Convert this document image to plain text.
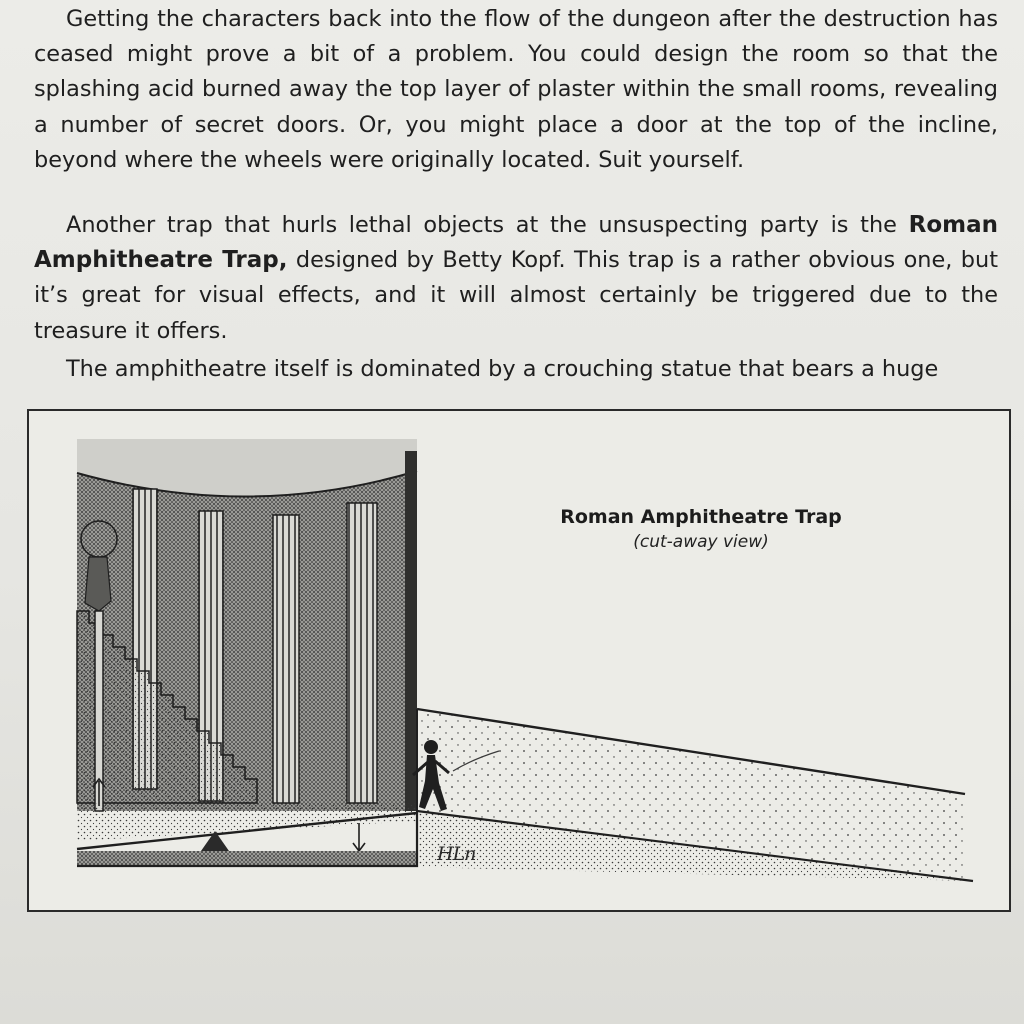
Getting the characters back into the flow of the dungeon after the destruction has ceased might prove a bit of a problem. You could design the room so that the splashing acid burned away the top layer of plaster within the small rooms, revealing a number of secret doors. Or, you might place a door at the top of the incline, beyond where the wheels were originally located. Suit yourself.

Another trap that hurls lethal objects at the unsuspecting party is the Roman Amphitheatre Trap, designed by Betty Kopf. This trap is a rather obvious one, but it’s great for visual effects, and it will almost certainly be triggered due to the treasure it offers.

The amphitheatre itself is dominated by a crouching statue that bears a huge

Roman Amphitheatre Trap
(cut-away view)
HLn
